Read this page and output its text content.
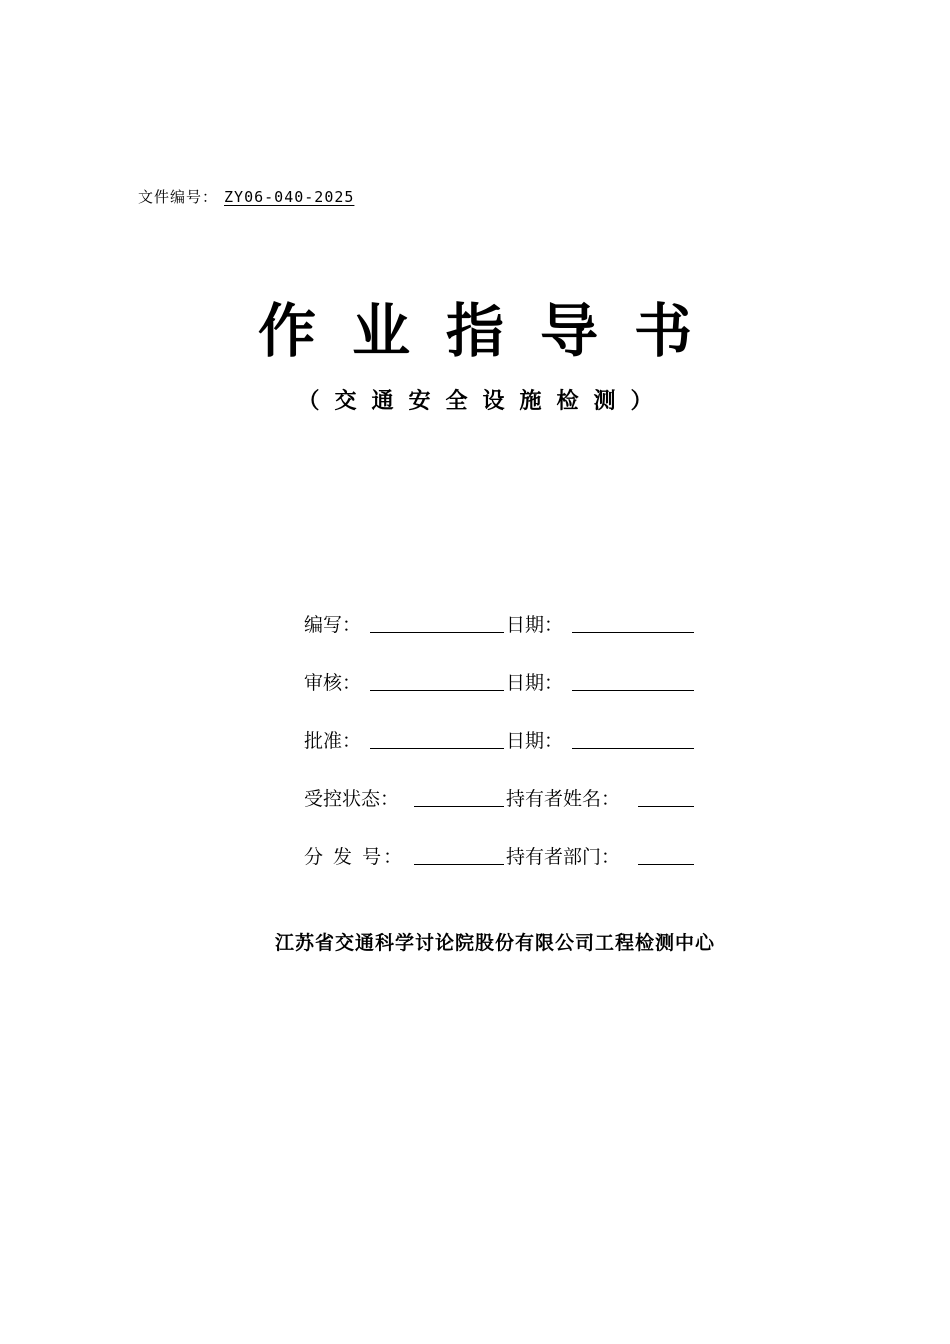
文件编号： ZY06-040-2025
作业指导书
（交通安全设施检测）
编写：	日期：
审核：	日期：
批准：	日期：
受控状态：	持有者姓名：
分 发 号：	持有者部门：
江苏省交通科学讨论院股份有限公司工程检测中心
